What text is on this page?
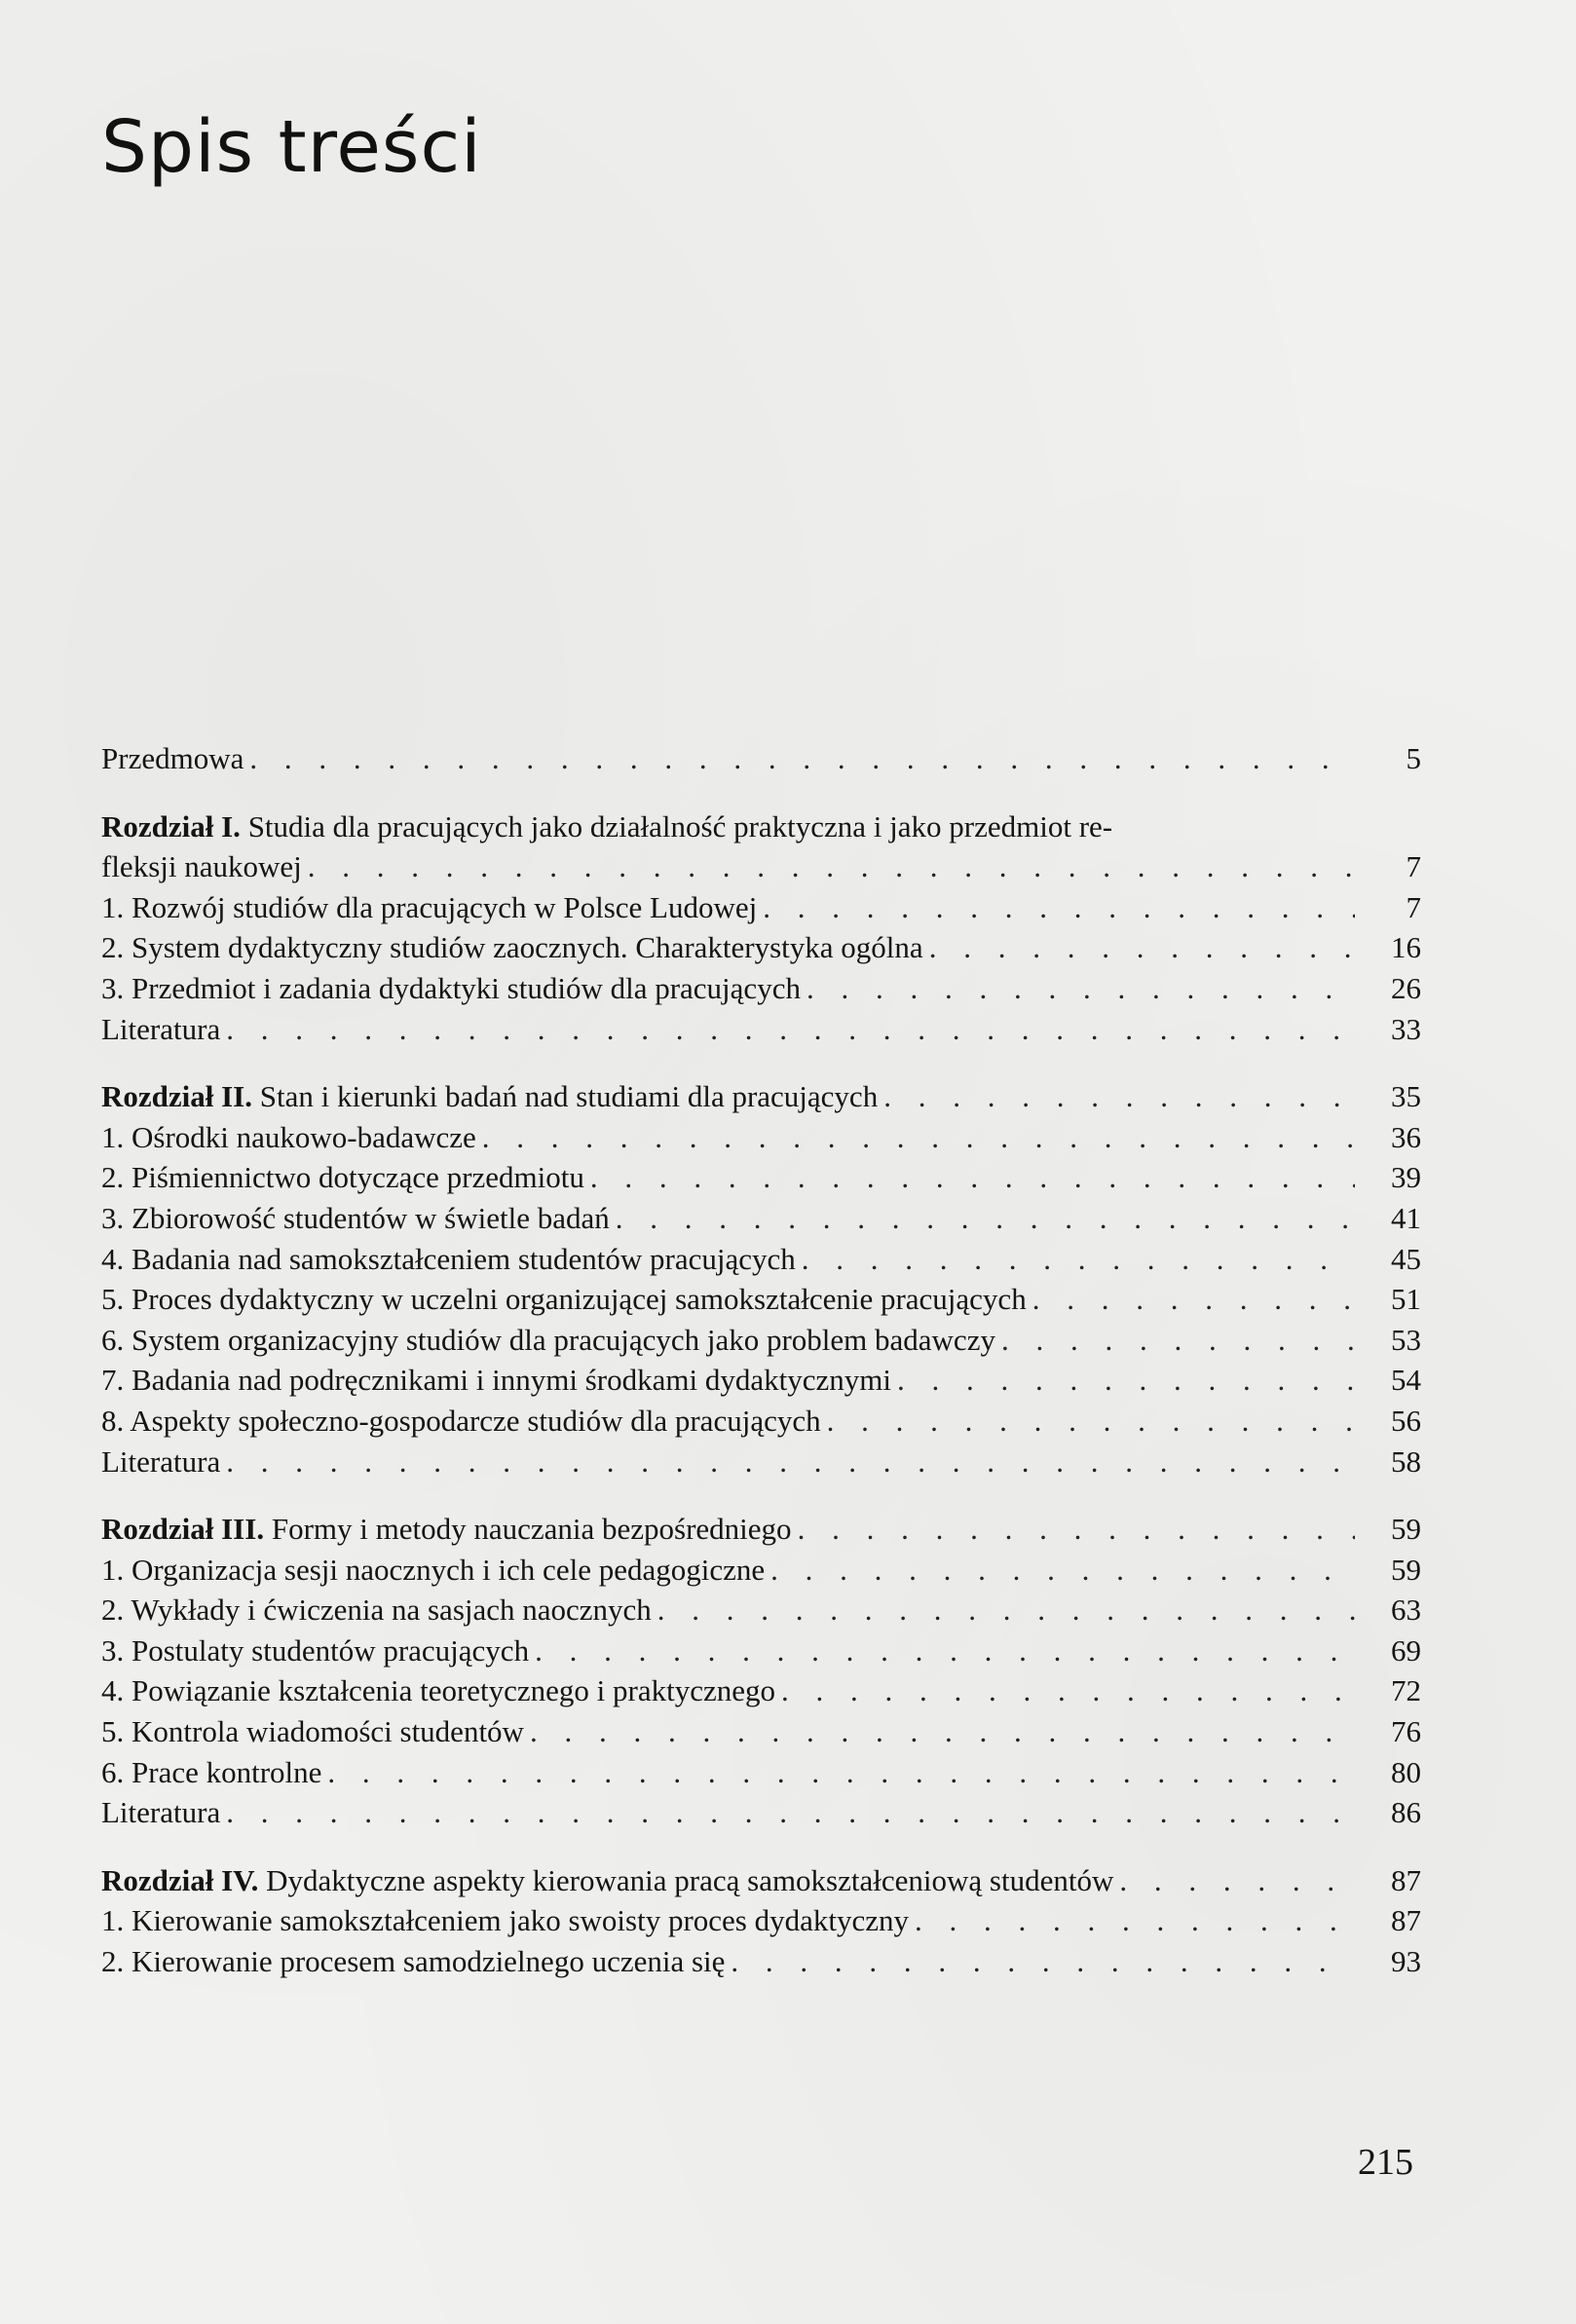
Spis treści
Przedmowa . . .	5
Rozdział I. Studia dla pracujących jako działalność praktyczna i jako przedmiot re-
fleksji naukowej . . .	7
1. Rozwój studiów dla pracujących w Polsce Ludowej . . .	7
2. System dydaktyczny studiów zaocznych. Charakterystyka ogólna . . .	16
3. Przedmiot i zadania dydaktyki studiów dla pracujących . . .	26
Literatura . . .	33
Rozdział II. Stan i kierunki badań nad studiami dla pracujących . . .	35
1. Ośrodki naukowo-badawcze . . .	36
2. Piśmiennictwo dotyczące przedmiotu . . .	39
3. Zbiorowość studentów w świetle badań . . .	41
4. Badania nad samokształceniem studentów pracujących . . .	45
5. Proces dydaktyczny w uczelni organizującej samokształcenie pracujących . . .	51
6. System organizacyjny studiów dla pracujących jako problem badawczy . . .	53
7. Badania nad podręcznikami i innymi środkami dydaktycznymi . . .	54
8. Aspekty społeczno-gospodarcze studiów dla pracujących . . .	56
Literatura . . .	58
Rozdział III. Formy i metody nauczania bezpośredniego . . .	59
1. Organizacja sesji naocznych i ich cele pedagogiczne . . .	59
2. Wykłady i ćwiczenia na sasjach naocznych . . .	63
3. Postulaty studentów pracujących . . .	69
4. Powiązanie kształcenia teoretycznego i praktycznego . . .	72
5. Kontrola wiadomości studentów . . .	76
6. Prace kontrolne . . .	80
Literatura . . .	86
Rozdział IV. Dydaktyczne aspekty kierowania pracą samokształceniową studentów . . .	87
1. Kierowanie samokształceniem jako swoisty proces dydaktyczny . . .	87
2. Kierowanie procesem samodzielnego uczenia się . . .	93
215
